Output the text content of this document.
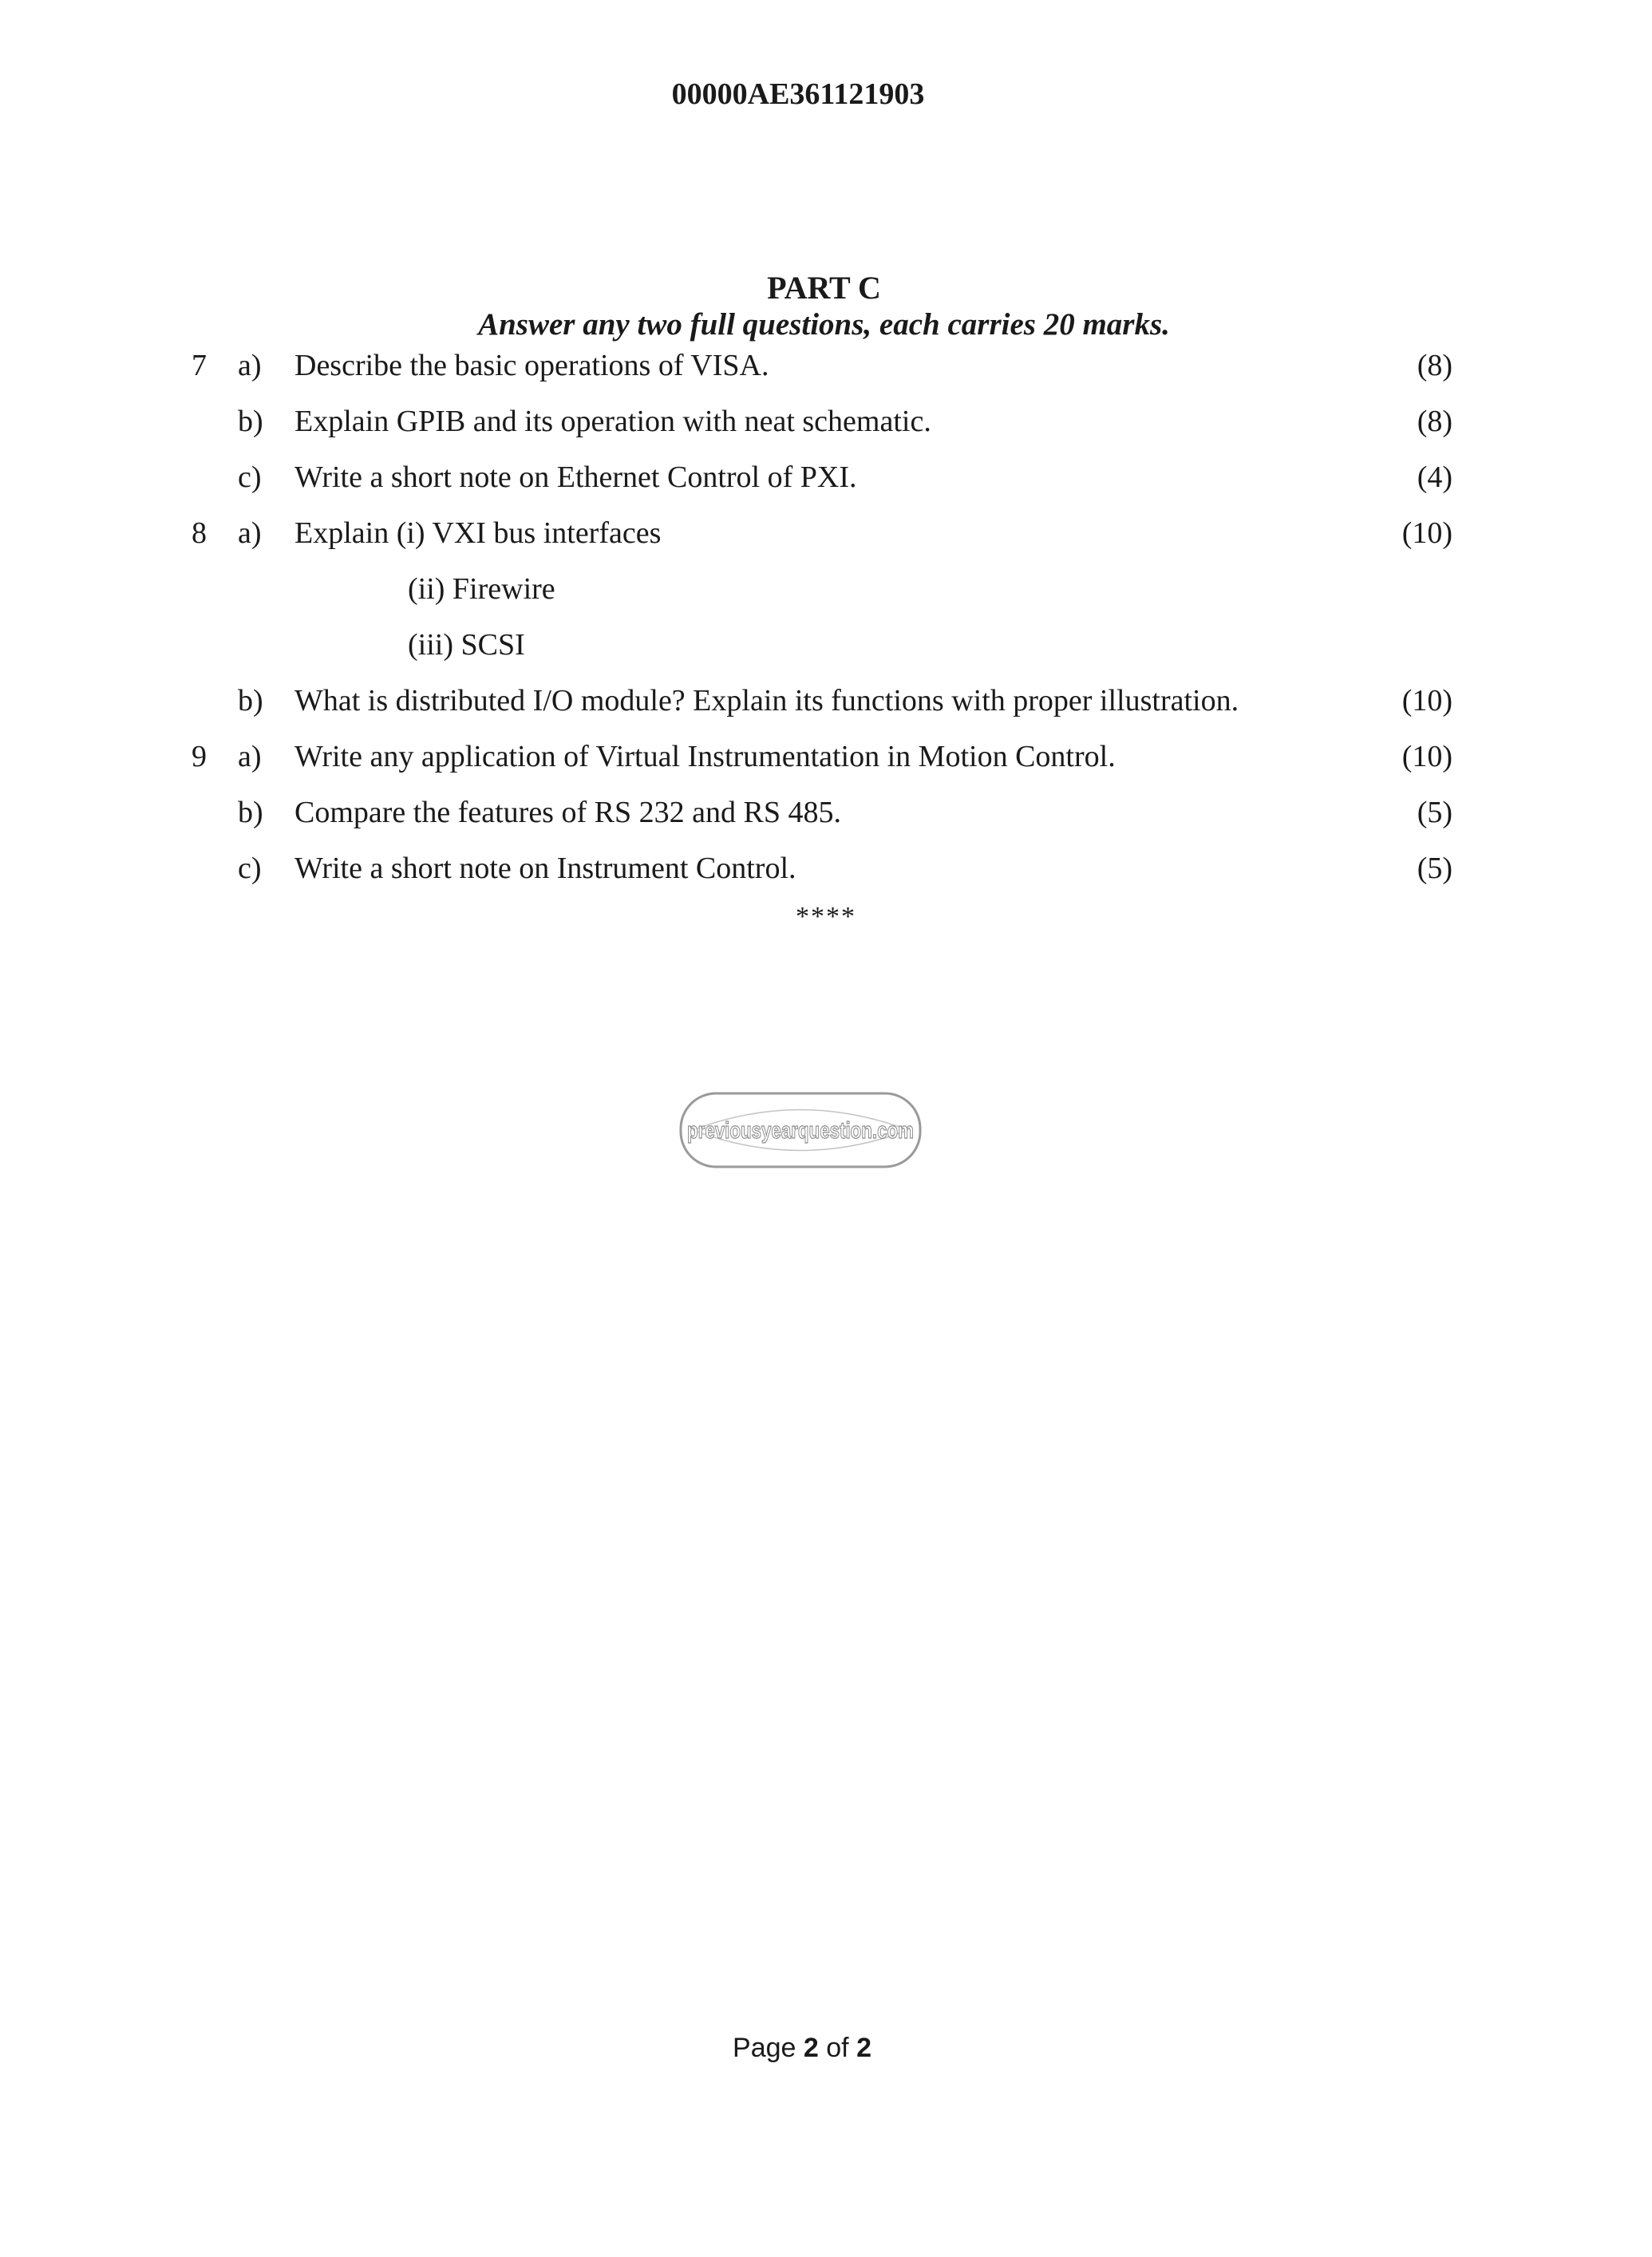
00000AE361121903
PART C
Answer any two full questions, each carries 20 marks.
7 a) Describe the basic operations of VISA.	(8)
b) Explain GPIB and its operation with neat schematic.	(8)
c) Write a short note on Ethernet Control of PXI.	(4)
8 a) Explain (i) VXI bus interfaces	(10)
(ii) Firewire
(iii) SCSI
b) What is distributed I/O module? Explain its functions with proper illustration.	(10)
9 a) Write any application of Virtual Instrumentation in Motion Control.	(10)
b) Compare the features of RS 232 and RS 485.	(5)
c) Write a short note on Instrument Control.	(5)
****
previousyearquestion.com
Page 2 of 2
